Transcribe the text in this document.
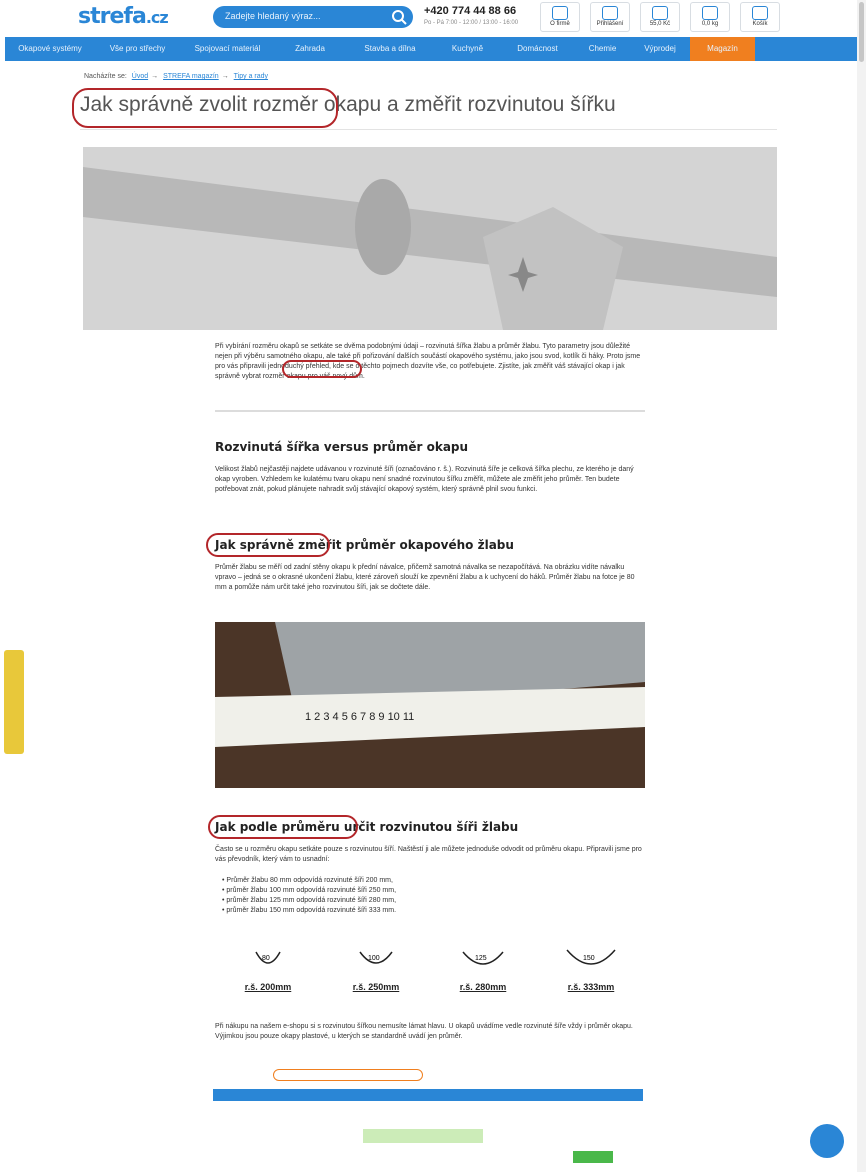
strefa.cz	Zadejte hledaný výraz...	+420 774 44 88 66
Po - Pá 7:00 - 12:00 / 13:00 - 16:00	O firmě	Přihlášení	55,0 Kč	0,0 kg	Košík
Okapové systémy	Vše pro střechy	Spojovací materiál	Zahrada	Stavba a dílna	Kuchyně	Domácnost	Chemie	Výprodej	Magazín
Nacházíte se: Úvod → STREFA magazín → Tipy a rady
Jak správně zvolit rozměr okapu a změřit rozvinutou šířku
Při vybírání rozměru okapů se setkáte se dvěma podobnými údaji – rozvinutá šířka žlabu a průměr žlabu. Tyto parametry jsou důležité nejen při výběru samotného okapu, ale také při pořizování dalších součástí okapového systému, jako jsou svod, kotlík či háky. Proto jsme pro vás připravili jednoduchý přehled, kde se o těchto pojmech dozvíte vše, co potřebujete. Zjistíte, jak změřit váš stávající okap i jak správně vybrat rozměr okapu pro váš nový dům.
Rozvinutá šířka versus průměr okapu
Velikost žlabů nejčastěji najdete udávanou v rozvinuté šíři (označováno r. š.). Rozvinutá šíře je celková šířka plechu, ze kterého je daný okap vyroben. Vzhledem ke kulatému tvaru okapu není snadné rozvinutou šířku změřit, můžete ale změřit jeho průměr. Ten budete potřebovat znát, pokud plánujete nahradit svůj stávající okapový systém, který správně plnil svou funkci.
Jak správně změřit průměr okapového žlabu
Průměr žlabu se měří od zadní stěny okapu k přední návalce, přičemž samotná návalka se nezapočítává. Na obrázku vidíte návalku vpravo – jedná se o okrasné ukončení žlabu, které zároveň slouží ke zpevnění žlabu a k uchycení do háků. Průměr žlabu na fotce je 80 mm a pomůže nám určit také jeho rozvinutou šíři, jak se dočtete dále.
1 2 3 4 5 6 7 8 9 10 11
Jak podle průměru určit rozvinutou šíři žlabu
Často se u rozměru okapu setkáte pouze s rozvinutou šíří. Naštěstí ji ale můžete jednoduše odvodit od průměru okapu. Připravili jsme pro vás převodník, který vám to usnadní:
• Průměr žlabu 80 mm odpovídá rozvinuté šíři 200 mm,
• průměr žlabu 100 mm odpovídá rozvinuté šíři 250 mm,
• průměr žlabu 125 mm odpovídá rozvinuté šíři 280 mm,
• průměr žlabu 150 mm odpovídá rozvinuté šíři 333 mm.
80
r.š. 200mm
100
r.š. 250mm
125
r.š. 280mm
150
r.š. 333mm
Při nákupu na našem e-shopu si s rozvinutou šířkou nemusíte lámat hlavu. U okapů uvádíme vedle rozvinuté šíře vždy i průměr okapu. Výjimkou jsou pouze okapy plastové, u kterých se standardně uvádí jen průměr.
